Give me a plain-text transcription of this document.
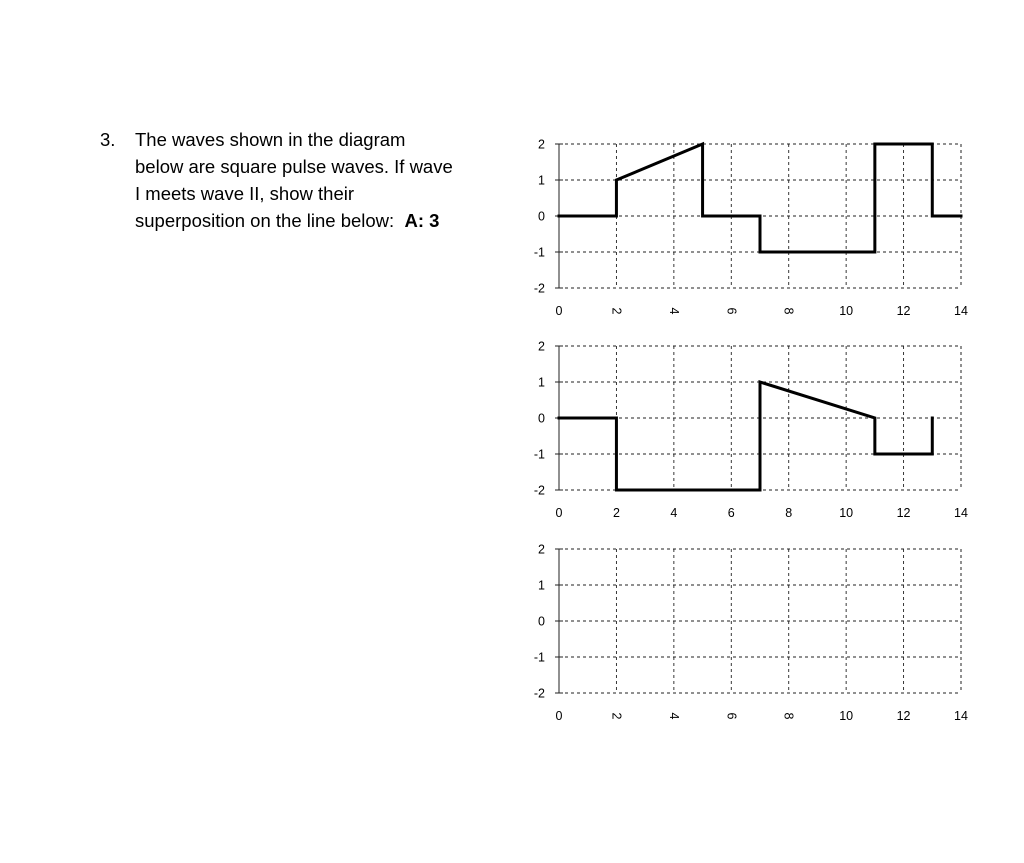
3. The waves shown in the diagram
below are square pulse waves. If wave
I meets wave II, show their
superposition on the line below: A: 3
2
1
0
-1
-2
0	2	4	6	8	10	12	14
2
1
0
-1
-2
0	2	4	6	8	10	12	14
2
1
0
-1
-2
0	2	4	6	8	10	12	14
